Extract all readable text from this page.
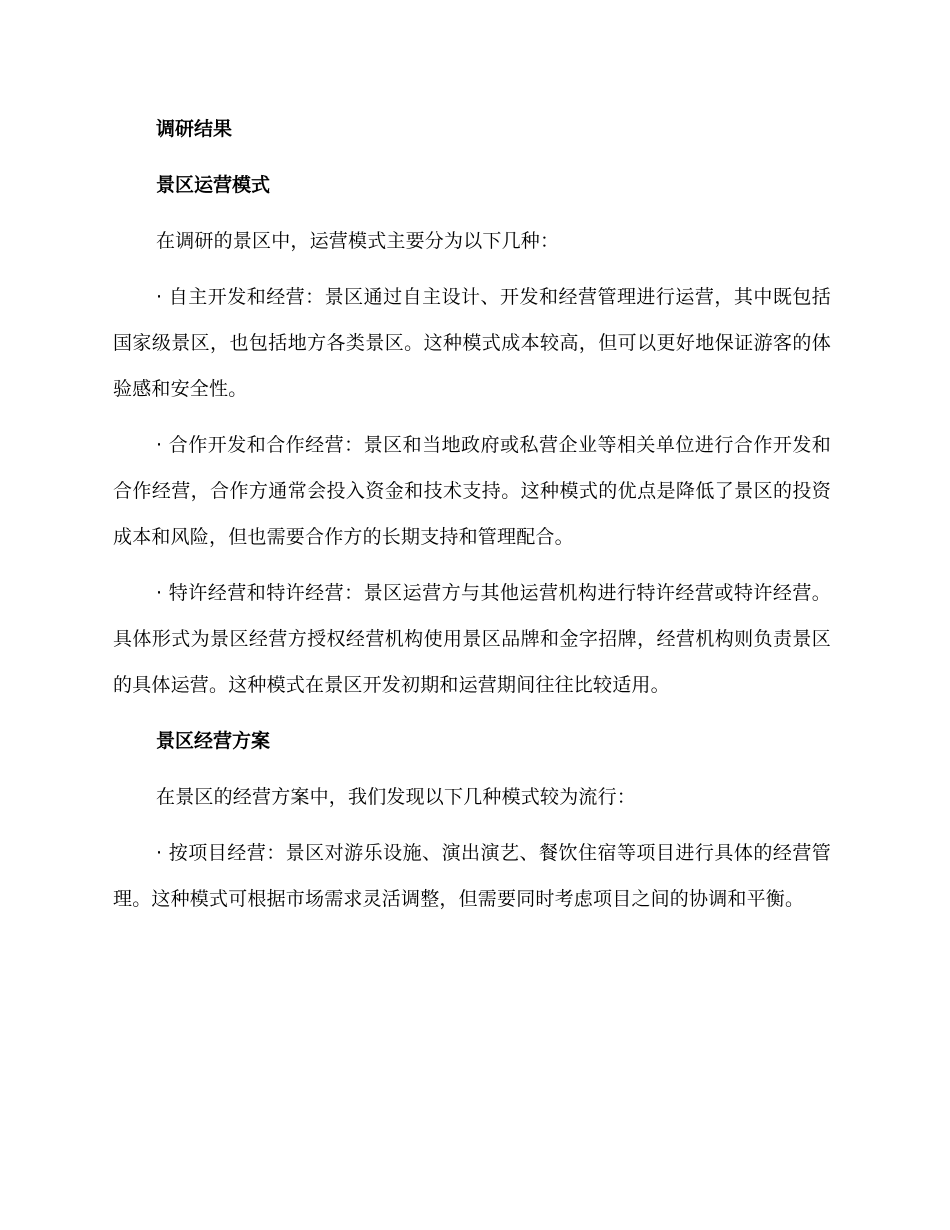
调研结果
景区运营模式
在调研的景区中，运营模式主要分为以下几种：
· 自主开发和经营：景区通过自主设计、开发和经营管理进行运营，其中既包括国家级景区，也包括地方各类景区。这种模式成本较高，但可以更好地保证游客的体验感和安全性。
· 合作开发和合作经营：景区和当地政府或私营企业等相关单位进行合作开发和合作经营，合作方通常会投入资金和技术支持。这种模式的优点是降低了景区的投资成本和风险，但也需要合作方的长期支持和管理配合。
· 特许经营和特许经营：景区运营方与其他运营机构进行特许经营或特许经营。具体形式为景区经营方授权经营机构使用景区品牌和金字招牌，经营机构则负责景区的具体运营。这种模式在景区开发初期和运营期间往往比较适用。
景区经营方案
在景区的经营方案中，我们发现以下几种模式较为流行：
· 按项目经营：景区对游乐设施、演出演艺、餐饮住宿等项目进行具体的经营管理。这种模式可根据市场需求灵活调整，但需要同时考虑项目之间的协调和平衡。
